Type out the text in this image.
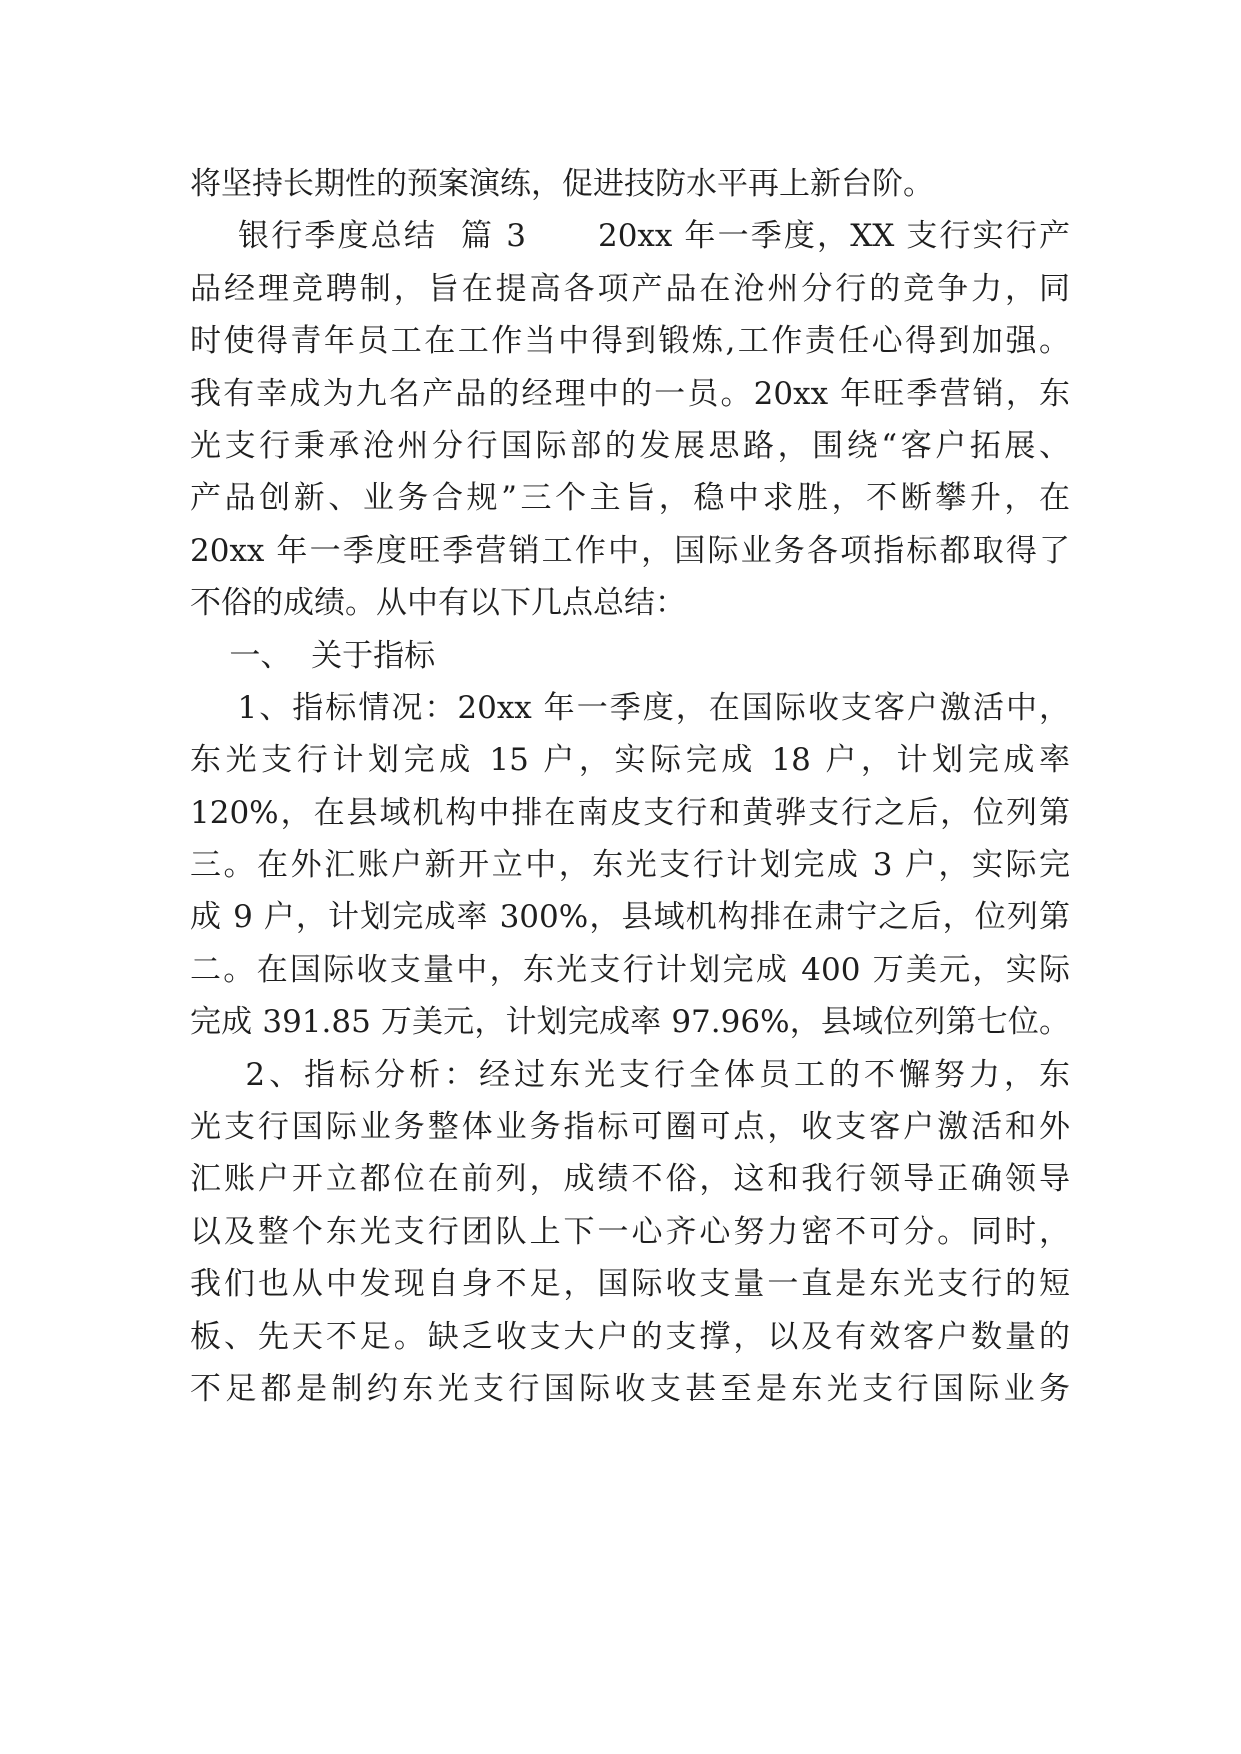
将坚持长期性的预案演练，促进技防水平再上新台阶。
银行季度总结  篇 3      20xx 年一季度，XX 支行实行产
品经理竞聘制，旨在提高各项产品在沧州分行的竞争力，同
时使得青年员工在工作当中得到锻炼,工作责任心得到加强。
我有幸成为九名产品的经理中的一员。20xx 年旺季营销，东
光支行秉承沧州分行国际部的发展思路，围绕“客户拓展、
产品创新、业务合规”三个主旨，稳中求胜，不断攀升，在
20xx 年一季度旺季营销工作中，国际业务各项指标都取得了
不俗的成绩。从中有以下几点总结：
一、  关于指标
1、指标情况：20xx 年一季度，在国际收支客户激活中，
东光支行计划完成 15 户，实际完成 18 户，计划完成率
120%，在县域机构中排在南皮支行和黄骅支行之后，位列第
三。在外汇账户新开立中，东光支行计划完成 3 户，实际完
成 9 户，计划完成率 300%，县域机构排在肃宁之后，位列第
二。在国际收支量中，东光支行计划完成 400 万美元，实际
完成 391.85 万美元，计划完成率 97.96%，县域位列第七位。
2、指标分析：经过东光支行全体员工的不懈努力，东
光支行国际业务整体业务指标可圈可点，收支客户激活和外
汇账户开立都位在前列，成绩不俗，这和我行领导正确领导
以及整个东光支行团队上下一心齐心努力密不可分。同时，
我们也从中发现自身不足，国际收支量一直是东光支行的短
板、先天不足。缺乏收支大户的支撑，以及有效客户数量的
不足都是制约东光支行国际收支甚至是东光支行国际业务
